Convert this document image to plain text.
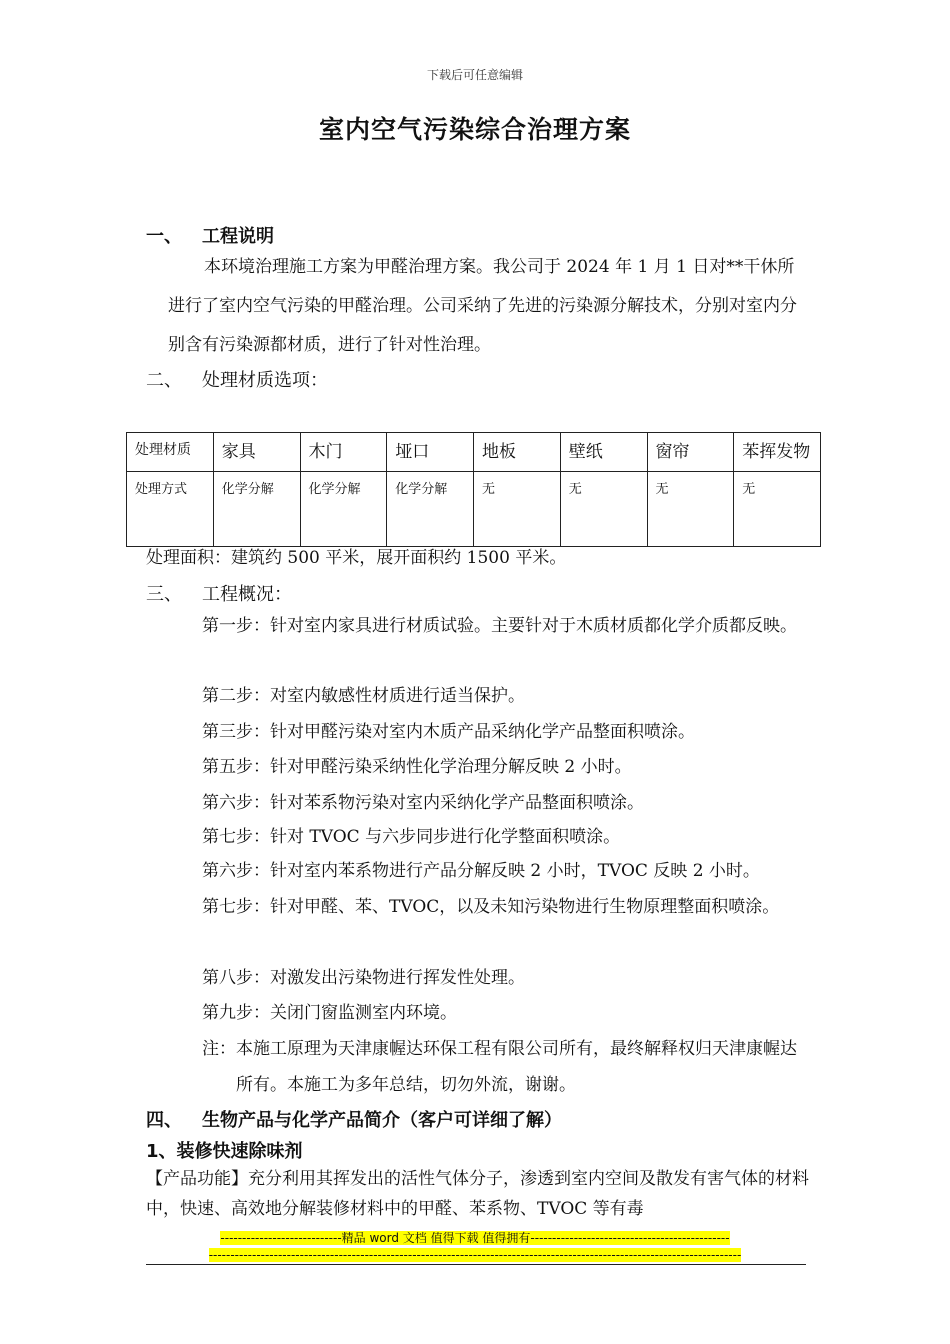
下载后可任意编辑
室内空气污染综合治理方案
一、	工程说明

本环境治理施工方案为甲醛治理方案。我公司于 2024 年 1 月 1 日对**干休所进行了室内空气污染的甲醛治理。公司采纳了先进的污染源分解技术，分别对室内分别含有污染源都材质，进行了针对性治理。

二、	处理材质选项：
处理材质	家具	木门	垭口	地板	壁纸	窗帘	苯挥发物
处理方式	化学分解	化学分解	化学分解	无	无	无	无
处理面积：建筑约 500 平米，展开面积约 1500 平米。
三、	工程概况：
第一步： 针对室内家具进行材质试验。主要针对于木质材质都化学介质都反映。
第二步： 对室内敏感性材质进行适当保护。
第三步： 针对甲醛污染对室内木质产品采纳化学产品整面积喷涂。
第五步： 针对甲醛污染采纳性化学治理分解反映 2 小时。
第六步： 针对苯系物污染对室内采纳化学产品整面积喷涂。
第七步： 针对 TVOC 与六步同步进行化学整面积喷涂。
第六步： 针对室内苯系物进行产品分解反映 2 小时，TVOC 反映 2 小时。
第七步： 针对甲醛、苯、TVOC，以及未知污染物进行生物原理整面积喷涂。
第八步： 对激发出污染物进行挥发性处理。
第九步： 关闭门窗监测室内环境。
注： 本施工原理为天津康幄达环保工程有限公司所有，最终解释权归天津康幄达所有。本施工为多年总结，切勿外流，谢谢。
四、	生物产品与化学产品简介（客户可详细了解）
1、装修快速除味剂

【产品功能】充分利用其挥发出的活性气体分子，渗透到室内空间及散发有害气体的材料中，快速、高效地分解装修材料中的甲醛、苯系物、TVOC 等有毒

----------------------------精品 word 文档 值得下载 值得拥有----------------------------------------------
---------------------------------------------------------------------------------------------------------------------------
